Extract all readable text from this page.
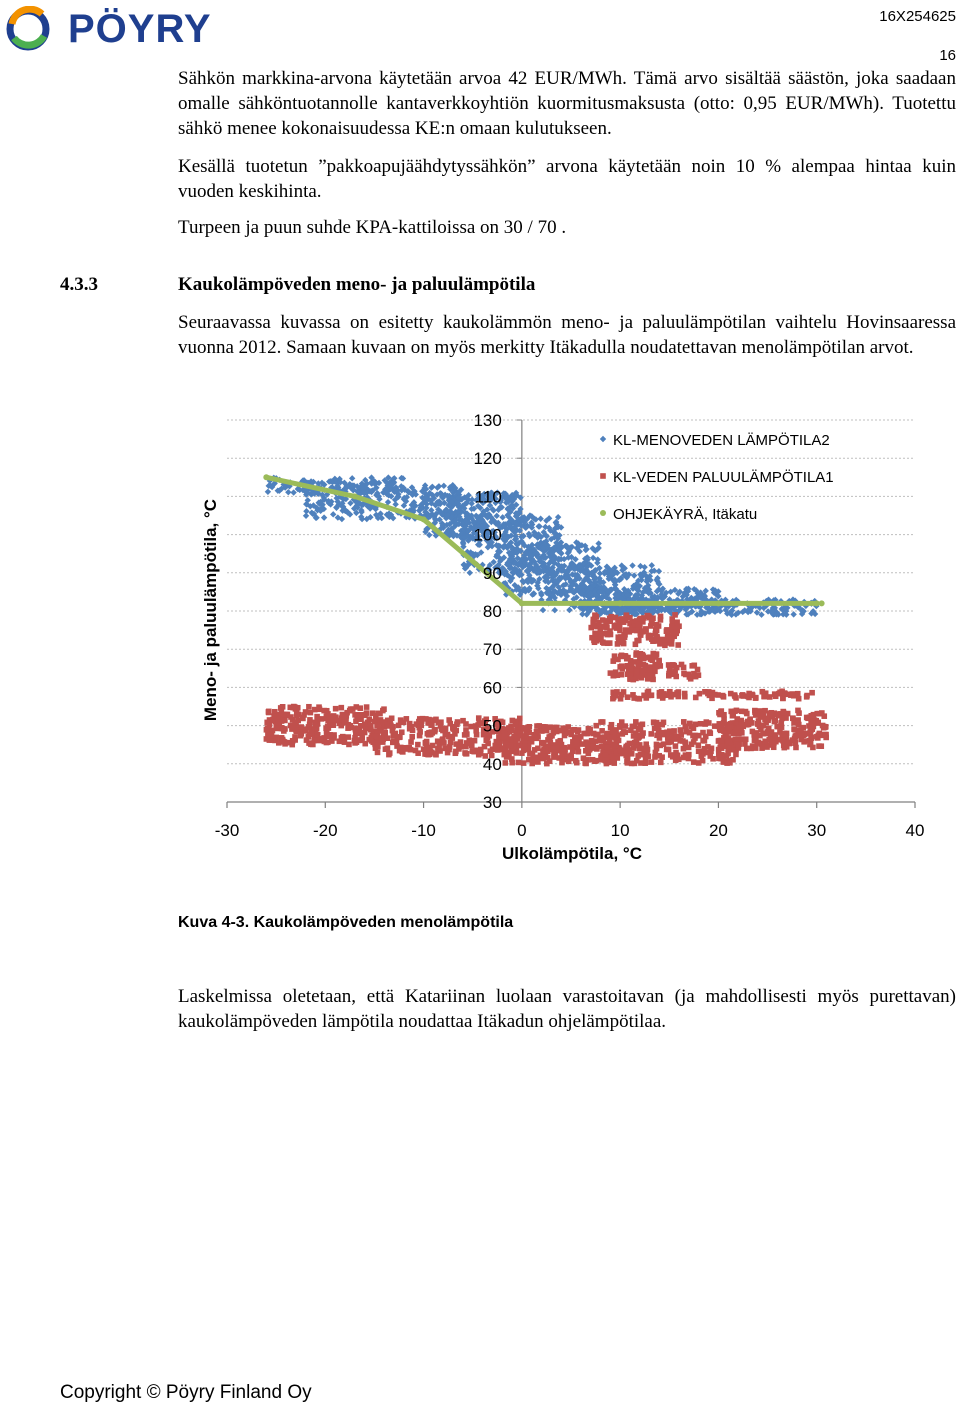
PÖYRY	16X254625
16

Sähkön markkina-arvona käytetään arvoa 42 EUR/MWh. Tämä arvo sisältää säästön, joka saadaan omalle sähköntuotannolle kantaverkkoyhtiön kuormitusmaksusta (otto: 0,95 EUR/MWh). Tuotettu sähkö menee kokonaisuudessa KE:n omaan kulutukseen.

Kesällä tuotetun ”pakkoapujäähdytyssähkön” arvona käytetään noin 10 % alempaa hintaa kuin vuoden keskihinta.

Turpeen ja puun suhde KPA-kattiloissa on 30 / 70 .

4.3.3	Kaukolämpöveden meno- ja paluulämpötila

Seuraavassa kuvassa on esitetty kaukolämmön meno- ja paluulämpötilan vaihtelu Hovinsaaressa vuonna 2012. Samaan kuvaan on myös merkitty Itäkadulla noudatettavan menolämpötilan arvot.

130
120
110
100
90
80
70
60
50
40
30
-30	-20	-10	0	10	20	30	40
KL-MENOVEDEN LÄMPÖTILA2
KL-VEDEN PALUULÄMPÖTILA1
OHJEKÄYRÄ, Itäkatu
Ulkolämpötila, °C
Meno- ja paluulämpötila, °C
Kuva 4-3. Kaukolämpöveden menolämpötila

Laskelmissa oletetaan, että Katariinan luolaan varastoitavan (ja mahdollisesti myös purettavan) kaukolämpöveden lämpötila noudattaa Itäkadun ohjelämpötilaa.

Copyright © Pöyry Finland Oy
